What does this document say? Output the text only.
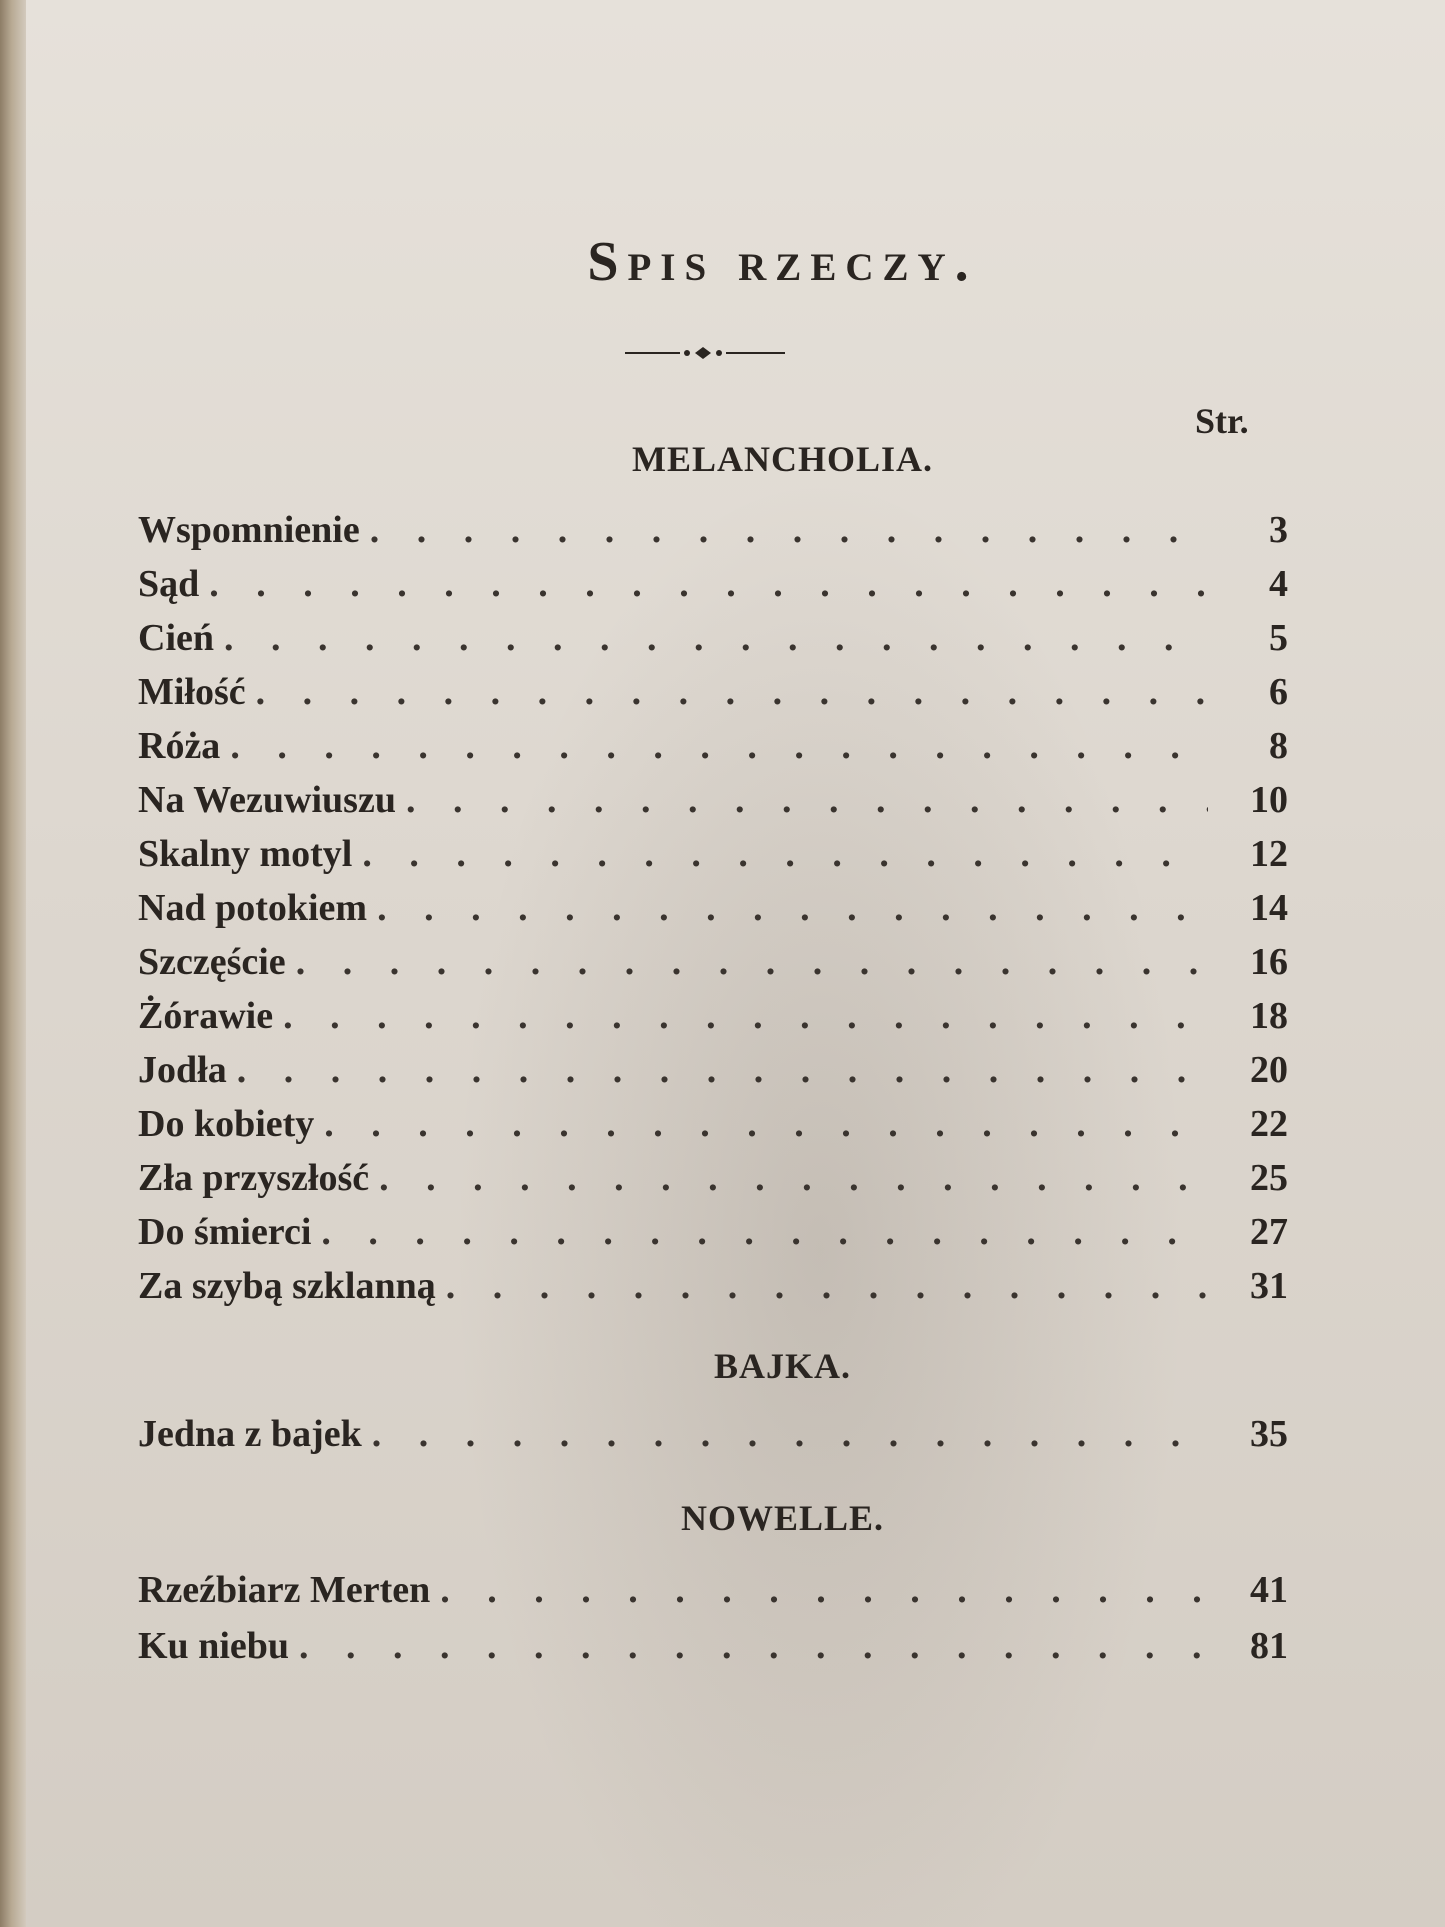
Spis rzeczy.
Str.
MELANCHOLIA.
Wspomnienie . . .	3
Sąd . . .	4
Cień . . .	5
Miłość . . .	6
Róża . . .	8
Na Wezuwiuszu . . .	10
Skalny motyl . . .	12
Nad potokiem . . .	14
Szczęście . . .	16
Żórawie . . .	18
Jodła . . .	20
Do kobiety . . .	22
Zła przyszłość . . .	25
Do śmierci . . .	27
Za szybą szklanną . . .	31
BAJKA.
Jedna z bajek . . .	35
NOWELLE.
Rzeźbiarz Merten . . .	41
Ku niebu . . .	81
